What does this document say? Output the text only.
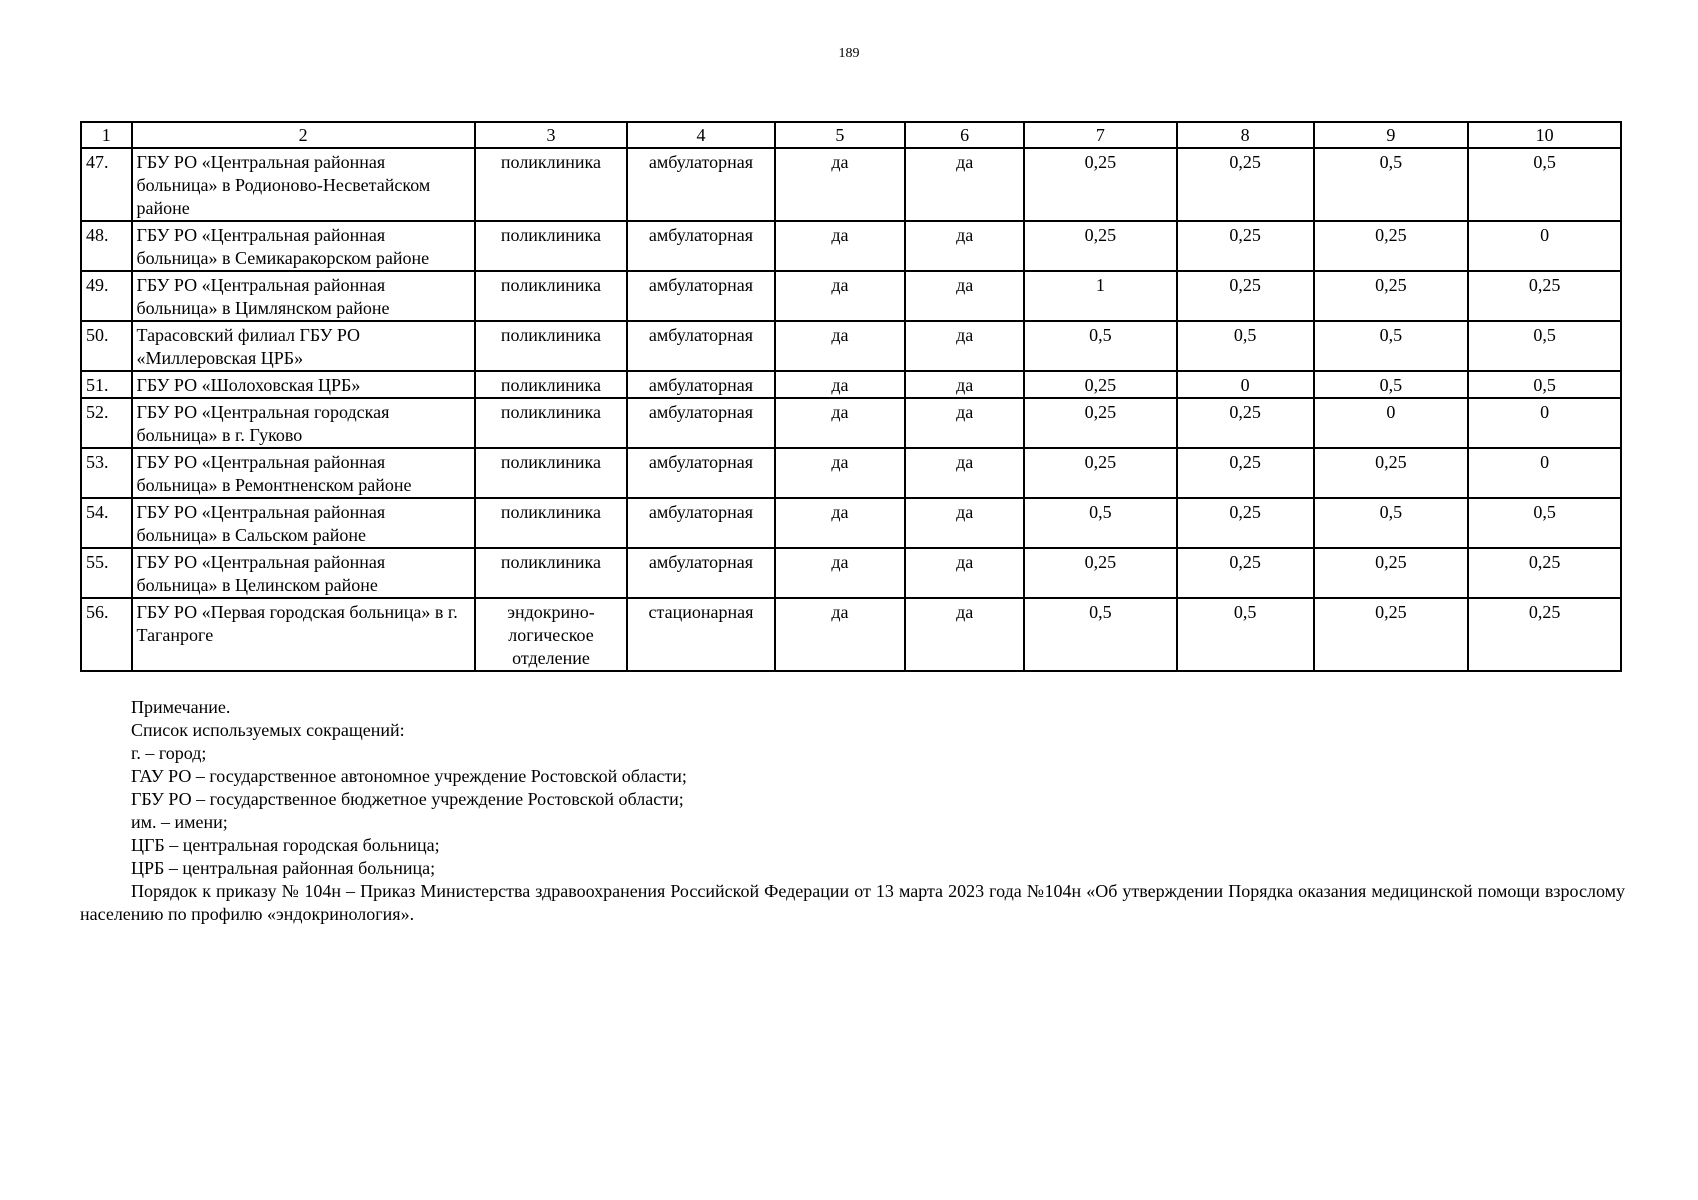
189
1	2	3	4	5	6	7	8	9	10
47.	ГБУ РО «Центральная районная больница» в Родионово-Несветайском районе	поликлиника	амбулаторная	да	да	0,25	0,25	0,5	0,5
48.	ГБУ РО «Центральная районная больница» в Семикаракорском районе	поликлиника	амбулаторная	да	да	0,25	0,25	0,25	0
49.	ГБУ РО «Центральная районная больница» в Цимлянском районе	поликлиника	амбулаторная	да	да	1	0,25	0,25	0,25
50.	Тарасовский филиал ГБУ РО «Миллеровская ЦРБ»	поликлиника	амбулаторная	да	да	0,5	0,5	0,5	0,5
51.	ГБУ РО «Шолоховская ЦРБ»	поликлиника	амбулаторная	да	да	0,25	0	0,5	0,5
52.	ГБУ РО «Центральная городская больница» в г. Гуково	поликлиника	амбулаторная	да	да	0,25	0,25	0	0
53.	ГБУ РО «Центральная районная больница» в Ремонтненском районе	поликлиника	амбулаторная	да	да	0,25	0,25	0,25	0
54.	ГБУ РО «Центральная районная больница» в Сальском районе	поликлиника	амбулаторная	да	да	0,5	0,25	0,5	0,5
55.	ГБУ РО «Центральная районная больница» в Целинском районе	поликлиника	амбулаторная	да	да	0,25	0,25	0,25	0,25
56.	ГБУ РО «Первая городская больница» в г. Таганроге	эндокрино-логическое отделение	стационарная	да	да	0,5	0,5	0,25	0,25
Примечание.
Список используемых сокращений:
г. – город;
ГАУ РО – государственное автономное учреждение Ростовской области;
ГБУ РО – государственное бюджетное учреждение Ростовской области;
им. – имени;
ЦГБ – центральная городская больница;
ЦРБ – центральная районная больница;
Порядок к приказу № 104н – Приказ Министерства здравоохранения Российской Федерации от 13 марта 2023 года №104н «Об утверждении Порядка оказания медицинской помощи взрослому населению по профилю «эндокринология».
